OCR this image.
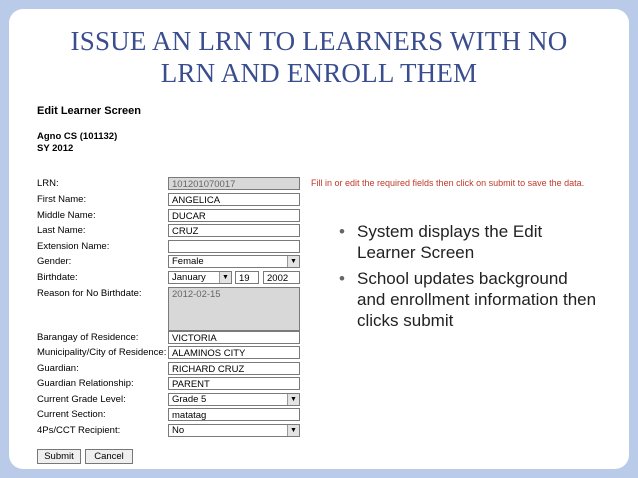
ISSUE AN LRN TO LEARNERS WITH NO
LRN AND ENROLL THEM
Edit Learner Screen
Agno CS (101132)
SY 2012
Fill in or edit the required fields then click on submit to save the data.
LRN:	101201070017
First Name:	ANGELICA
Middle Name:	DUCAR
Last Name:	CRUZ
Extension Name:
Gender:	Female	▼
Birthdate:	January	▼	19	2002
Reason for No Birthdate:	2012-02-15
Barangay of Residence:	VICTORIA
Municipality/City of Residence: ALAMINOS CITY
Guardian:	RICHARD CRUZ
Guardian Relationship:	PARENT
Current Grade Level:	Grade 5	▼
Current Section:	matatag
4Ps/CCT Recipient:	No	▼
Submit	Cancel
• System displays the Edit Learner Screen
• School updates background and enrollment information then clicks submit
